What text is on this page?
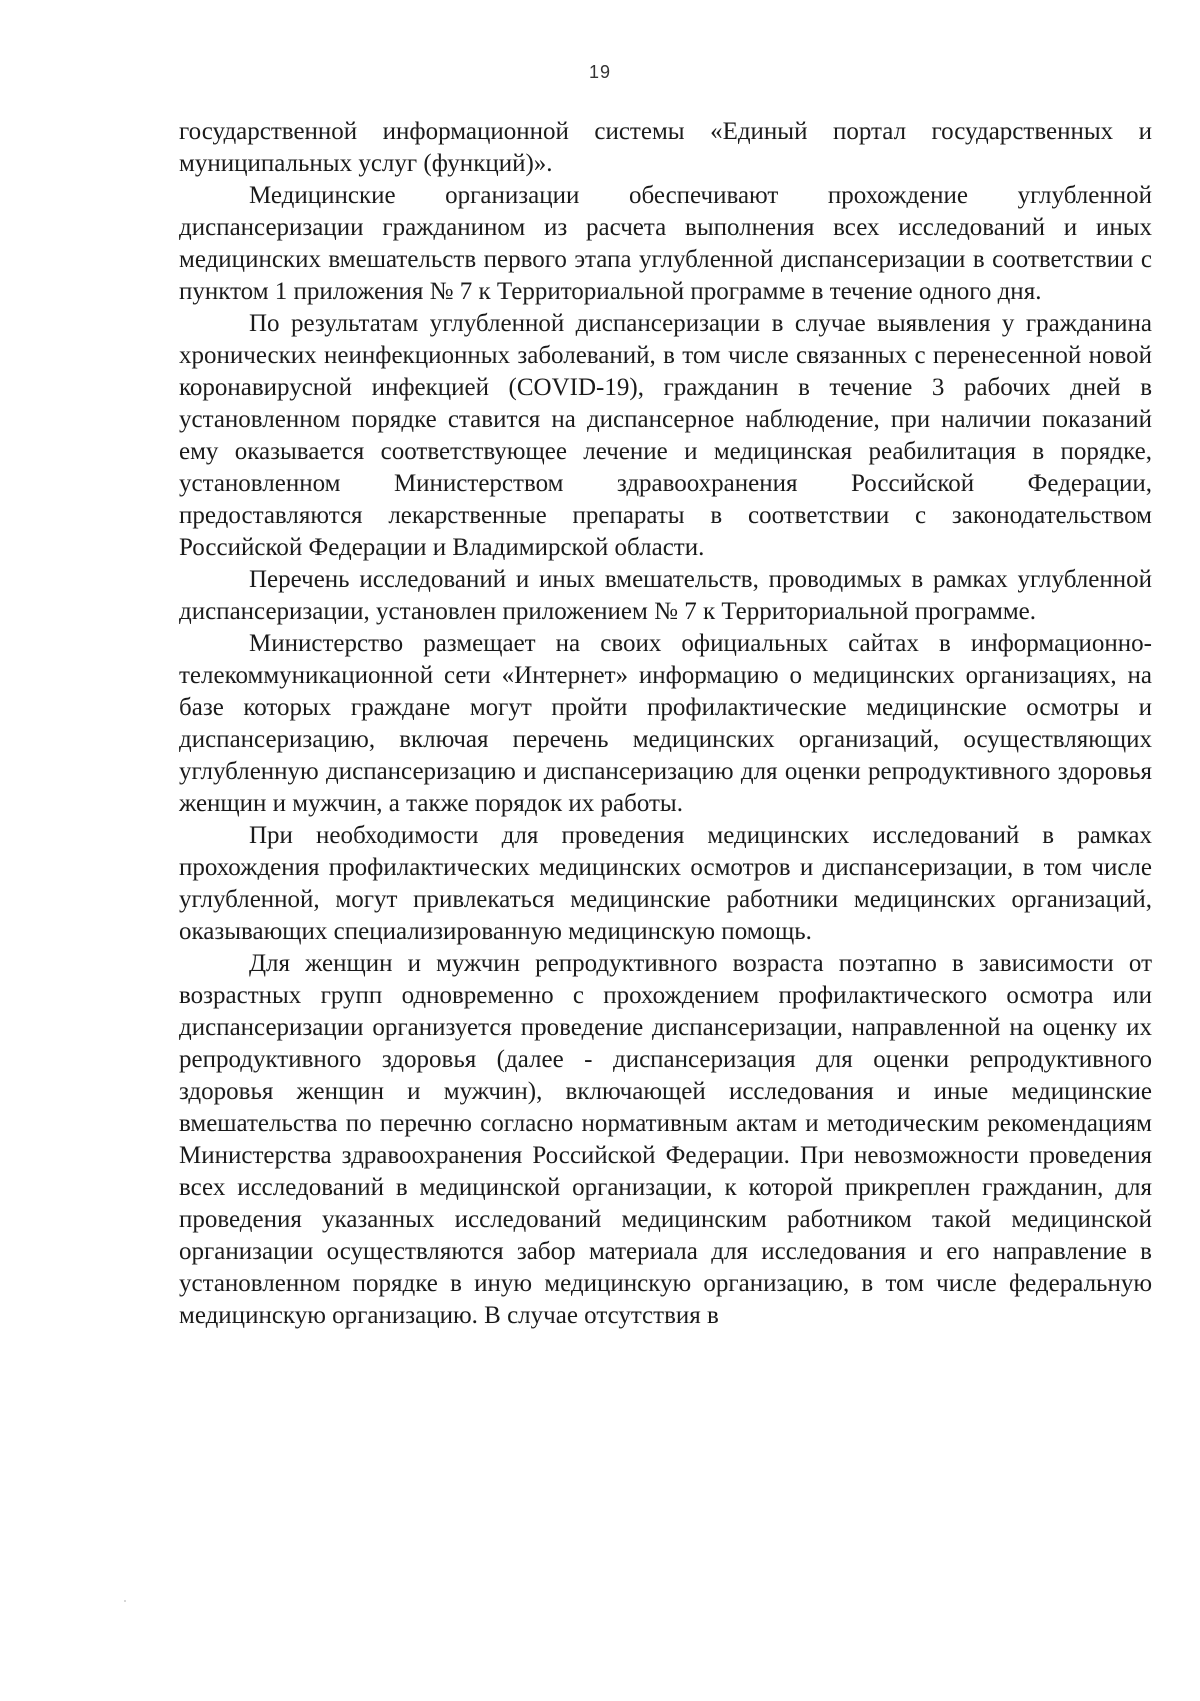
19

государственной информационной системы «Единый портал государственных и муниципальных услуг (функций)».

Медицинские организации обеспечивают прохождение углубленной диспансеризации гражданином из расчета выполнения всех исследований и иных медицинских вмешательств первого этапа углубленной диспансеризации в соответствии с пунктом 1 приложения № 7 к Территориальной программе в течение одного дня.

По результатам углубленной диспансеризации в случае выявления у гражданина хронических неинфекционных заболеваний, в том числе связанных с перенесенной новой коронавирусной инфекцией (COVID-19), гражданин в течение 3 рабочих дней в установленном порядке ставится на диспансерное наблюдение, при наличии показаний ему оказывается соответствующее лечение и медицинская реабилитация в порядке, установленном Министерством здравоохранения Российской Федерации, предоставляются лекарственные препараты в соответствии с законодательством Российской Федерации и Владимирской области.

Перечень исследований и иных вмешательств, проводимых в рамках углубленной диспансеризации, установлен приложением № 7 к Территориальной программе.

Министерство размещает на своих официальных сайтах в информационно-телекоммуникационной сети «Интернет» информацию о медицинских организациях, на базе которых граждане могут пройти профилактические медицинские осмотры и диспансеризацию, включая перечень медицинских организаций, осуществляющих углубленную диспансеризацию и диспансеризацию для оценки репродуктивного здоровья женщин и мужчин, а также порядок их работы.

При необходимости для проведения медицинских исследований в рамках прохождения профилактических медицинских осмотров и диспансеризации, в том числе углубленной, могут привлекаться медицинские работники медицинских организаций, оказывающих специализированную медицинскую помощь.

Для женщин и мужчин репродуктивного возраста поэтапно в зависимости от возрастных групп одновременно с прохождением профилактического осмотра или диспансеризации организуется проведение диспансеризации, направленной на оценку их репродуктивного здоровья (далее - диспансеризация для оценки репродуктивного здоровья женщин и мужчин), включающей исследования и иные медицинские вмешательства по перечню согласно нормативным актам и методическим рекомендациям Министерства здравоохранения Российской Федерации. При невозможности проведения всех исследований в медицинской организации, к которой прикреплен гражданин, для проведения указанных исследований медицинским работником такой медицинской организации осуществляются забор материала для исследования и его направление в установленном порядке в иную медицинскую организацию, в том числе федеральную медицинскую организацию. В случае отсутствия в
